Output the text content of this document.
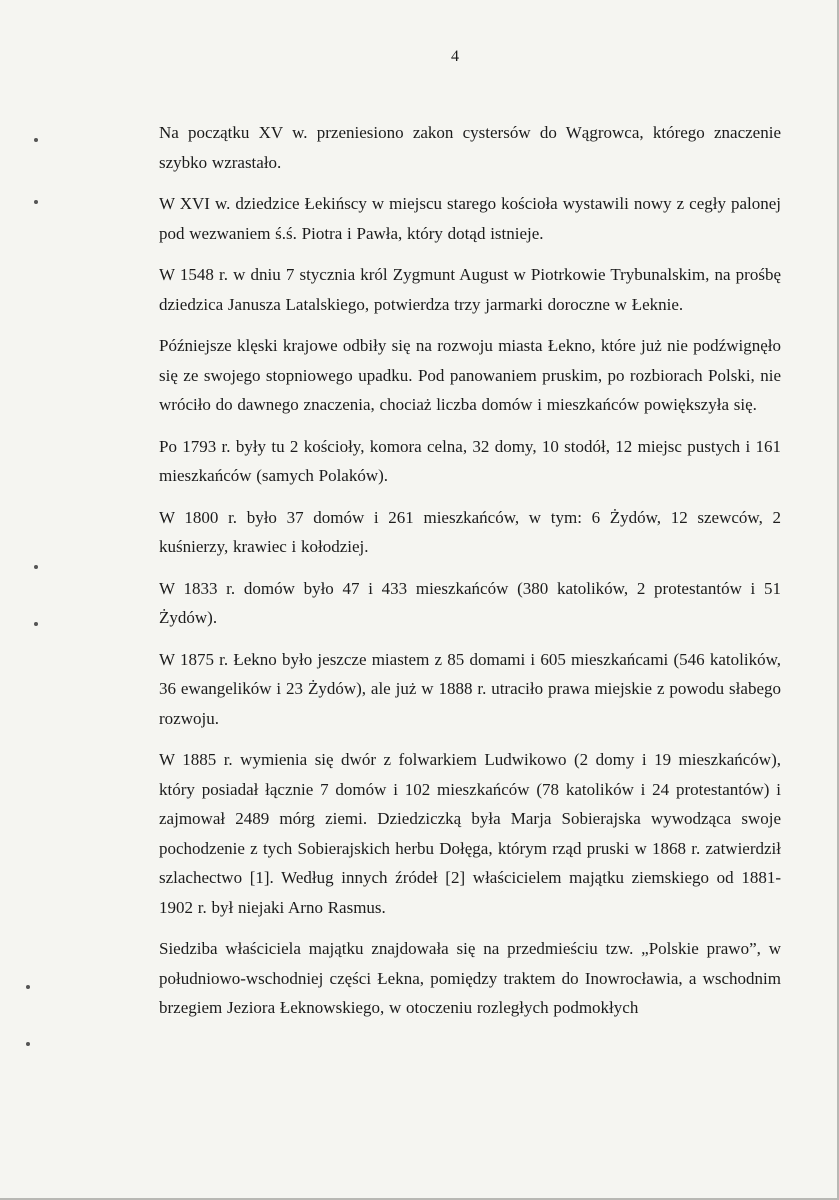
4

Na początku XV w. przeniesiono zakon cystersów do Wągrowca, którego znaczenie szybko wzrastało.

W XVI w. dziedzice Łekińscy w miejscu starego kościoła wystawili nowy z cegły palonej pod wezwaniem ś.ś. Piotra i Pawła, który dotąd istnieje.

W 1548 r. w dniu 7 stycznia król Zygmunt August w Piotrkowie Trybunalskim, na prośbę dziedzica Janusza Latalskiego, potwierdza trzy jarmarki doroczne w Łeknie.

Późniejsze klęski krajowe odbiły się na rozwoju miasta Łekno, które już nie podźwignęło się ze swojego stopniowego upadku. Pod panowaniem pruskim, po rozbiorach Polski, nie wróciło do dawnego znaczenia, chociaż liczba domów i mieszkańców powiększyła się.

Po 1793 r. były tu 2 kościoły, komora celna, 32 domy, 10 stodół, 12 miejsc pustych i 161 mieszkańców (samych Polaków).

W 1800 r. było 37 domów i 261 mieszkańców, w tym: 6 Żydów, 12 szewców, 2 kuśnierzy, krawiec i kołodziej.

W 1833 r. domów było 47 i 433 mieszkańców (380 katolików, 2 protestantów i 51 Żydów).

W 1875 r. Łekno było jeszcze miastem z 85 domami i 605 mieszkańcami (546 katolików, 36 ewangelików i 23 Żydów), ale już w 1888 r. utraciło prawa miejskie z powodu słabego rozwoju.

W 1885 r. wymienia się dwór z folwarkiem Ludwikowo (2 domy i 19 mieszkańców), który posiadał łącznie 7 domów i 102 mieszkańców (78 katolików i 24 protestantów) i zajmował 2489 mórg ziemi. Dziedziczką była Marja Sobierajska wywodząca swoje pochodzenie z tych Sobierajskich herbu Dołęga, którym rząd pruski w 1868 r. zatwierdził szlachectwo [1]. Według innych źródeł [2] właścicielem majątku ziemskiego od 1881-1902 r. był niejaki Arno Rasmus.

Siedziba właściciela majątku znajdowała się na przedmieściu tzw. „Polskie prawo”, w południowo-wschodniej części Łekna, pomiędzy traktem do Inowrocławia, a wschodnim brzegiem Jeziora Łeknowskiego, w otoczeniu rozległych podmokłych
